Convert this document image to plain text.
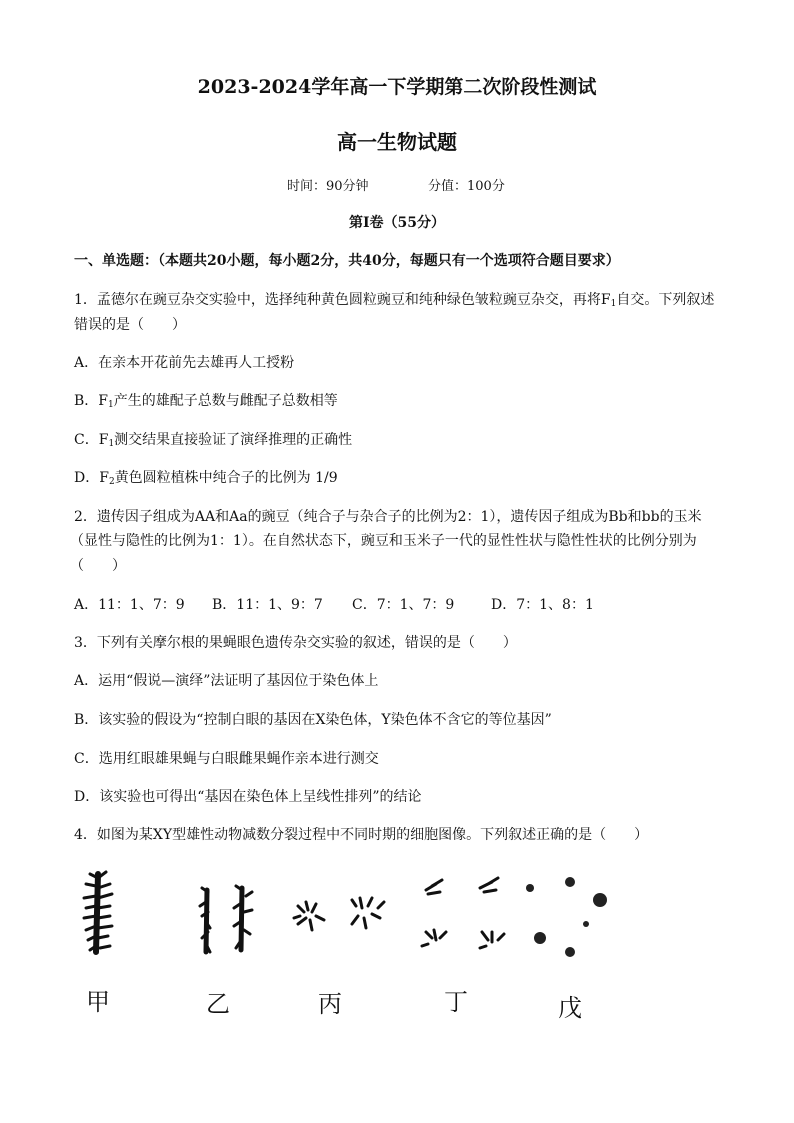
2023-2024学年高一下学期第二次阶段性测试
高一生物试题
时间：90分钟	分值：100分
第Ⅰ卷（55分）
一、单选题：（本题共20小题，每小题2分，共40分，每题只有一个选项符合题目要求）
1．孟德尔在豌豆杂交实验中，选择纯种黄色圆粒豌豆和纯种绿色皱粒豌豆杂交，再将$F_1$自交。下列叙述
错误的是（　　）
A．在亲本开花前先去雄再人工授粉
B．$F_1$产生的雄配子总数与雌配子总数相等
C．$F_1$测交结果直接验证了演绎推理的正确性
D．$F_2$黄色圆粒植株中纯合子的比例为 1/9
2．遗传因子组成为AA和Aa的豌豆（纯合子与杂合子的比例为2：1），遗传因子组成为Bb和bb的玉米
（显性与隐性的比例为1：1）。在自然状态下，豌豆和玉米子一代的显性性状与隐性性状的比例分别为
（　　）
A．11：1、7：9 B．11：1、9：7 C．7：1、7：9	D．7：1、8：1
3．下列有关摩尔根的果蝇眼色遗传杂交实验的叙述，错误的是（　　）
A．运用“假说—演绎”法证明了基因位于染色体上
B．该实验的假设为“控制白眼的基因在X染色体，Y染色体不含它的等位基因”
C．选用红眼雄果蝇与白眼雌果蝇作亲本进行测交
D．该实验也可得出“基因在染色体上呈线性排列”的结论
4．如图为某XY型雄性动物减数分裂过程中不同时期的细胞图像。下列叙述正确的是（　　）
甲	乙	丙	丁	戊
